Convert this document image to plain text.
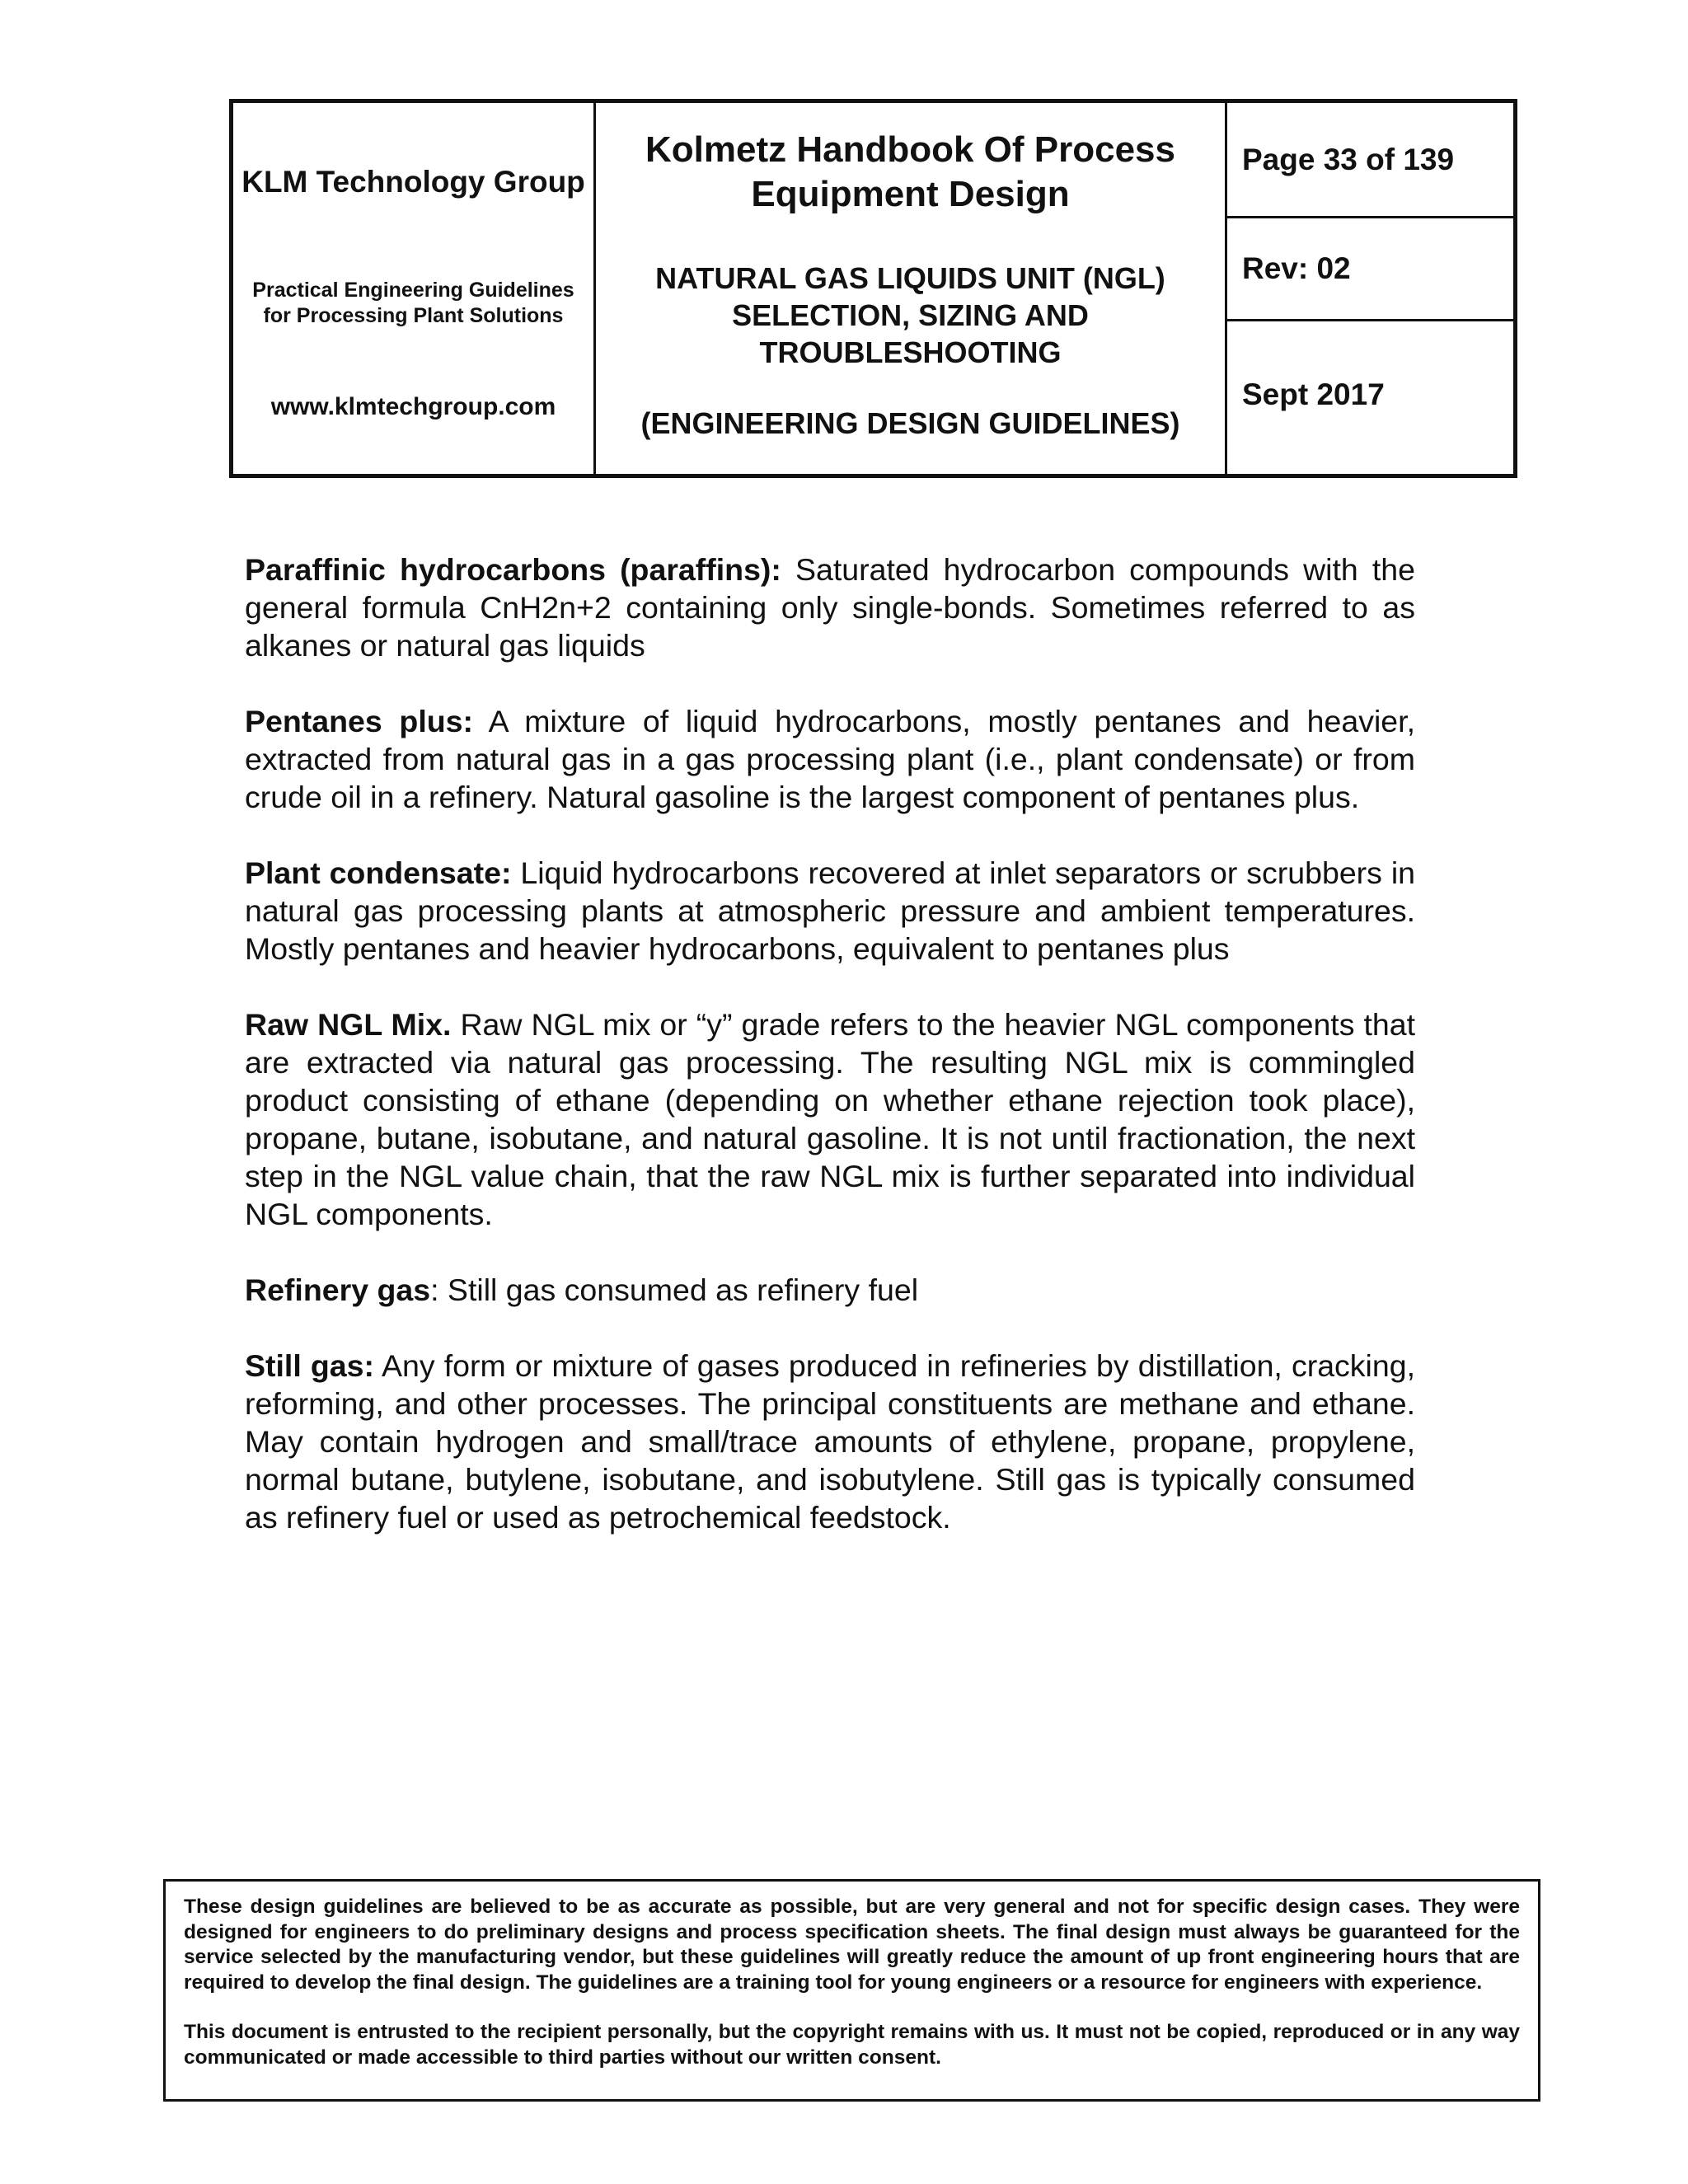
KLM Technology Group
Practical Engineering Guidelines for Processing Plant Solutions
www.klmtechgroup.com
Kolmetz Handbook Of Process Equipment Design
NATURAL GAS LIQUIDS UNIT (NGL) SELECTION, SIZING AND TROUBLESHOOTING
(ENGINEERING DESIGN GUIDELINES)
Page 33 of 139
Rev: 02
Sept 2017

Paraffinic hydrocarbons (paraffins): Saturated hydrocarbon compounds with the general formula CnH2n+2 containing only single-bonds. Sometimes referred to as alkanes or natural gas liquids

Pentanes plus: A mixture of liquid hydrocarbons, mostly pentanes and heavier, extracted from natural gas in a gas processing plant (i.e., plant condensate) or from crude oil in a refinery. Natural gasoline is the largest component of pentanes plus.

Plant condensate: Liquid hydrocarbons recovered at inlet separators or scrubbers in natural gas processing plants at atmospheric pressure and ambient temperatures. Mostly pentanes and heavier hydrocarbons, equivalent to pentanes plus

Raw NGL Mix. Raw NGL mix or “y” grade refers to the heavier NGL components that are extracted via natural gas processing. The resulting NGL mix is commingled product consisting of ethane (depending on whether ethane rejection took place), propane, butane, isobutane, and natural gasoline. It is not until fractionation, the next step in the NGL value chain, that the raw NGL mix is further separated into individual NGL components.

Refinery gas: Still gas consumed as refinery fuel

Still gas: Any form or mixture of gases produced in refineries by distillation, cracking, reforming, and other processes. The principal constituents are methane and ethane. May contain hydrogen and small/trace amounts of ethylene, propane, propylene, normal butane, butylene, isobutane, and isobutylene. Still gas is typically consumed as refinery fuel or used as petrochemical feedstock.

These design guidelines are believed to be as accurate as possible, but are very general and not for specific design cases. They were designed for engineers to do preliminary designs and process specification sheets. The final design must always be guaranteed for the service selected by the manufacturing vendor, but these guidelines will greatly reduce the amount of up front engineering hours that are required to develop the final design. The guidelines are a training tool for young engineers or a resource for engineers with experience.

This document is entrusted to the recipient personally, but the copyright remains with us. It must not be copied, reproduced or in any way communicated or made accessible to third parties without our written consent.
